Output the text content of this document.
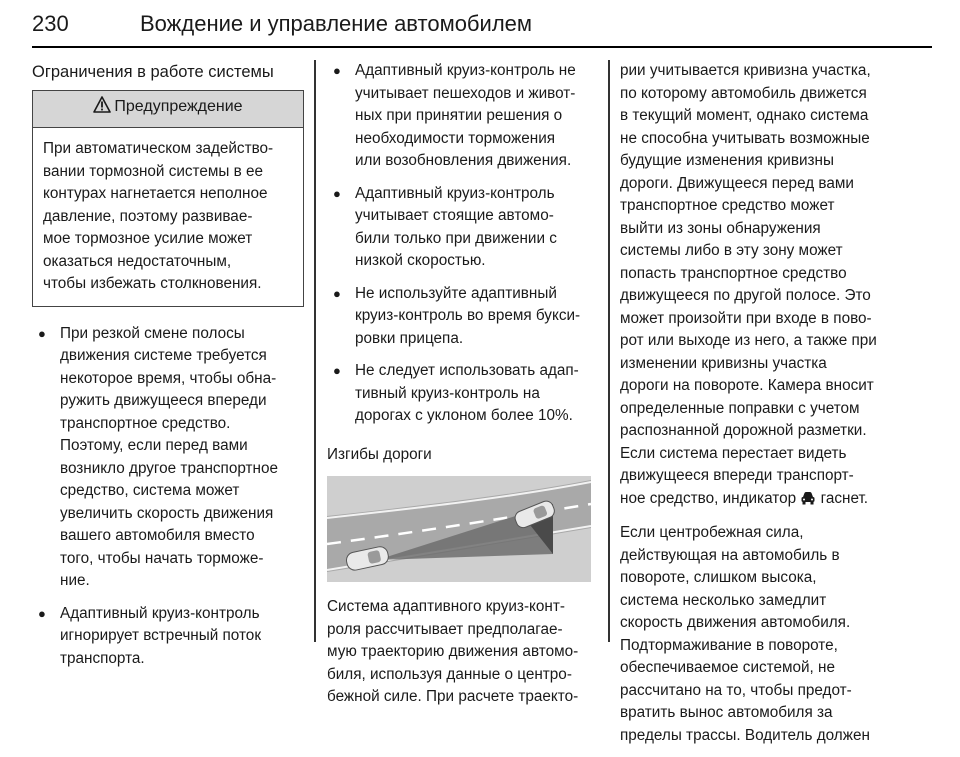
230	Вождение и управление автомобилем
Ограничения в работе системы
Предупреждение
При автоматическом задейство-
вании тормозной системы в ее
контурах нагнетается неполное
давление, поэтому развивае-
мое тормозное усилие может
оказаться недостаточным,
чтобы избежать столкновения.
● При резкой смене полосы
движения системе требуется
некоторое время, чтобы обна-
ружить движущееся впереди
транспортное средство.
Поэтому, если перед вами
возникло другое транспортное
средство, система может
увеличить скорость движения
вашего автомобиля вместо
того, чтобы начать торможе-
ние.
● Адаптивный круиз-контроль
игнорирует встречный поток
транспорта.
● Адаптивный круиз-контроль не
учитывает пешеходов и живот-
ных при принятии решения о
необходимости торможения
или возобновления движения.
● Адаптивный круиз-контроль
учитывает стоящие автомо-
били только при движении с
низкой скоростью.
● Не используйте адаптивный
круиз-контроль во время букси-
ровки прицепа.
● Не следует использовать адап-
тивный круиз-контроль на
дорогах с уклоном более 10%.
Изгибы дороги
Система адаптивного круиз-конт-
роля рассчитывает предполагае-
мую траекторию движения автомо-
биля, используя данные о центро-
бежной силе. При расчете траекто-
рии учитывается кривизна участка,
по которому автомобиль движется
в текущий момент, однако система
не способна учитывать возможные
будущие изменения кривизны
дороги. Движущееся перед вами
транспортное средство может
выйти из зоны обнаружения
системы либо в эту зону может
попасть транспортное средство
движущееся по другой полосе. Это
может произойти при входе в пово-
рот или выходе из него, а также при
изменении кривизны участка
дороги на повороте. Камера вносит
определенные поправки с учетом
распознанной дорожной разметки.
Если система перестает видеть
движущееся впереди транспорт-
ное средство, индикатор гаснет.
Если центробежная сила,
действующая на автомобиль в
повороте, слишком высока,
система несколько замедлит
скорость движения автомобиля.
Подтормаживание в повороте,
обеспечиваемое системой, не
рассчитано на то, чтобы предот-
вратить вынос автомобиля за
пределы трассы. Водитель должен
